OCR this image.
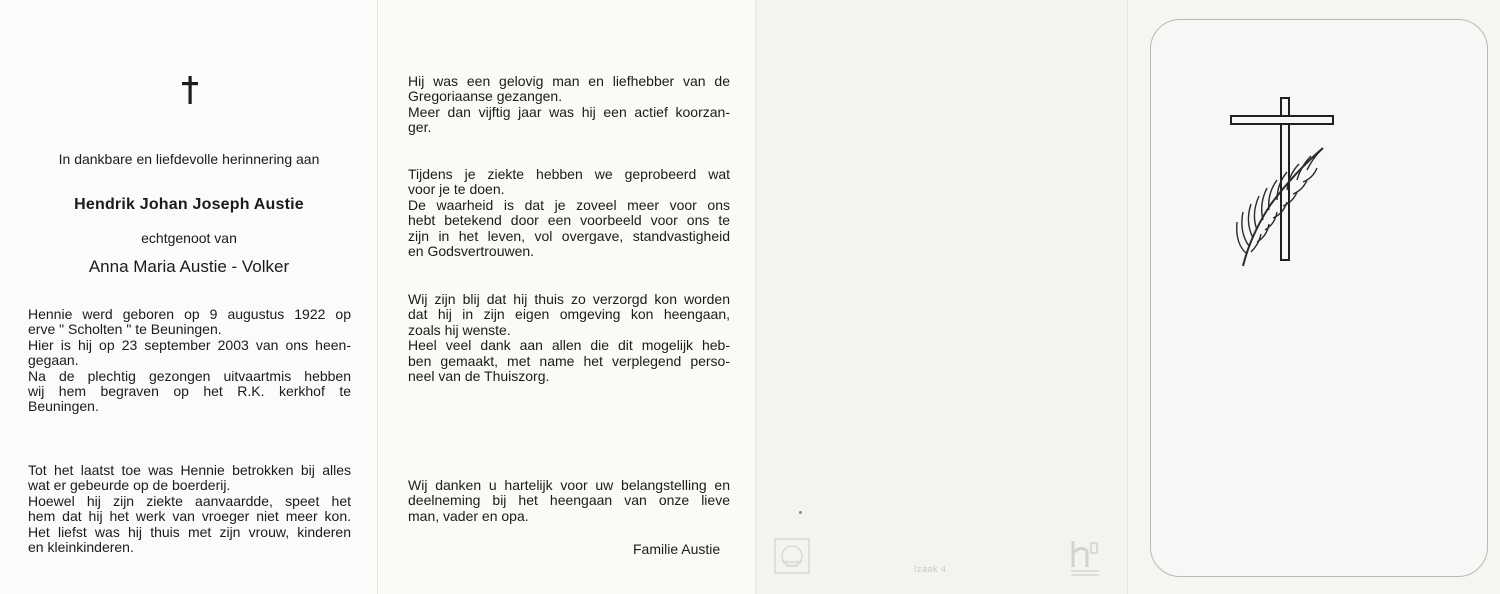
In dankbare en liefdevolle herinnering aan
Hendrik Johan Joseph Austie
echtgenoot van
Anna Maria Austie - Volker

Hennie werd geboren op 9 augustus 1922 op
erve " Scholten " te Beuningen.
Hier is hij op 23 september 2003 van ons heen-
gegaan.
Na de plechtig gezongen uitvaartmis hebben
wij hem begraven op het R.K. kerkhof te
Beuningen.

Tot het laatst toe was Hennie betrokken bij alles
wat er gebeurde op de boerderij.
Hoewel hij zijn ziekte aanvaardde, speet het
hem dat hij het werk van vroeger niet meer kon.
Het liefst was hij thuis met zijn vrouw, kinderen
en kleinkinderen.

Hij was een gelovig man en liefhebber van de
Gregoriaanse gezangen.
Meer dan vijftig jaar was hij een actief koorzan-
ger.

Tijdens je ziekte hebben we geprobeerd wat
voor je te doen.
De waarheid is dat je zoveel meer voor ons
hebt betekend door een voorbeeld voor ons te
zijn in het leven, vol overgave, standvastigheid
en Godsvertrouwen.

Wij zijn blij dat hij thuis zo verzorgd kon worden
dat hij in zijn eigen omgeving kon heengaan,
zoals hij wenste.
Heel veel dank aan allen die dit mogelijk heb-
ben gemaakt, met name het verplegend perso-
neel van de Thuiszorg.

Wij danken u hartelijk voor uw belangstelling en
deelneming bij het heengaan van onze lieve
man, vader en opa.

Familie Austie
Izaak 4
